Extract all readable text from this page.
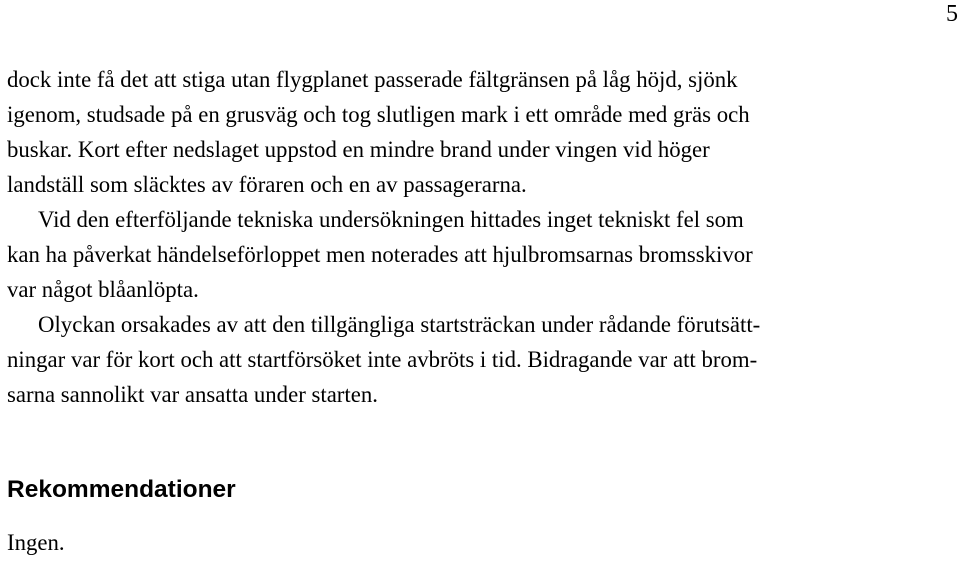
5
dock inte få det att stiga utan flygplanet passerade fältgränsen på låg höjd, sjönk
igenom, studsade på en grusväg och tog slutligen mark i ett område med gräs och
buskar. Kort efter nedslaget uppstod en mindre brand under vingen vid höger
landställ som släcktes av föraren och en av passagerarna.
Vid den efterföljande tekniska undersökningen hittades inget tekniskt fel som
kan ha påverkat händelseförloppet men noterades att hjulbromsarnas bromsskivor
var något blåanlöpta.
Olyckan orsakades av att den tillgängliga startsträckan under rådande förutsätt-
ningar var för kort och att startförsöket inte avbröts i tid. Bidragande var att brom-
sarna sannolikt var ansatta under starten.
Rekommendationer
Ingen.
